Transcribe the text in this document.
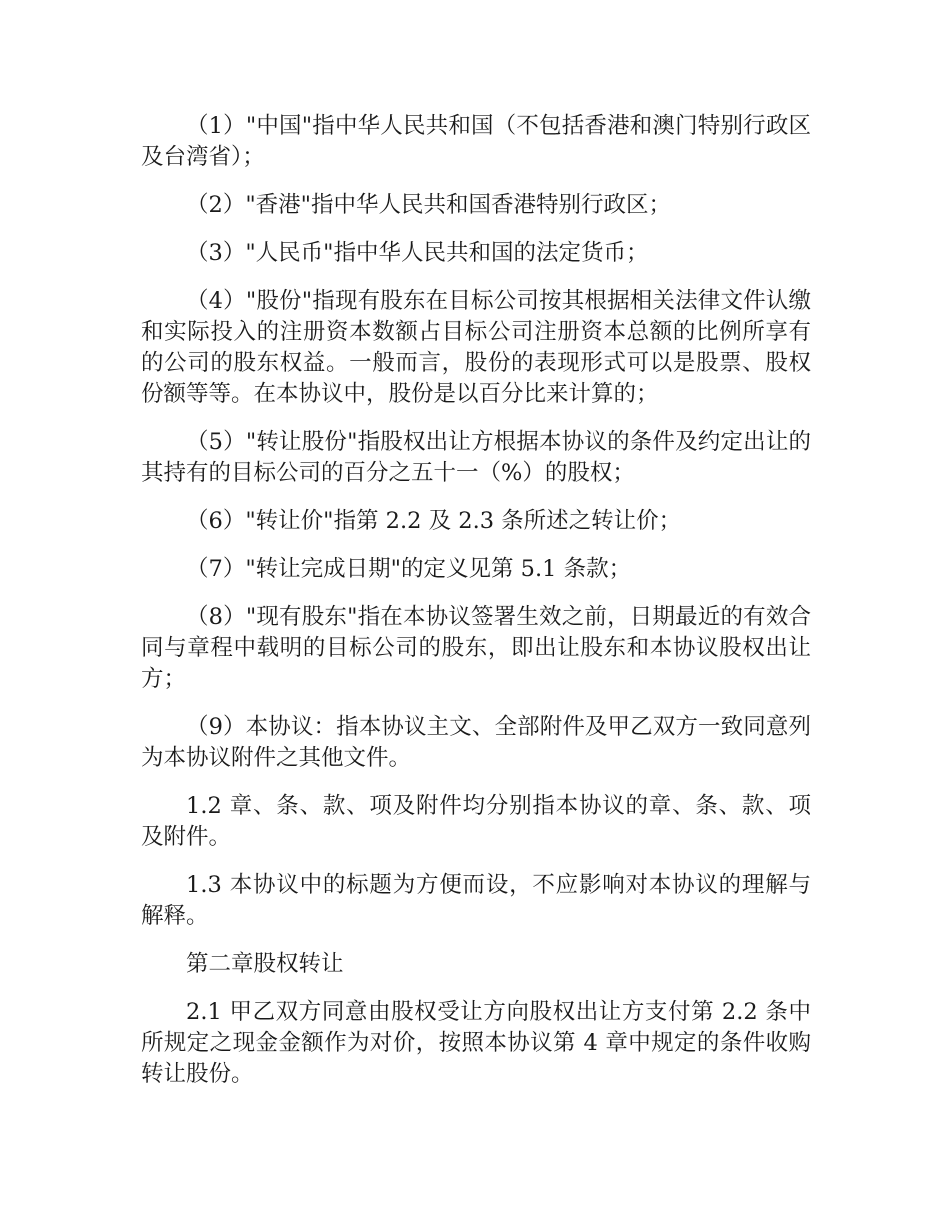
（1）"中国"指中华人民共和国（不包括香港和澳门特别行政区及台湾省）；

（2）"香港"指中华人民共和国香港特别行政区；

（3）"人民币"指中华人民共和国的法定货币；

（4）"股份"指现有股东在目标公司按其根据相关法律文件认缴和实际投入的注册资本数额占目标公司注册资本总额的比例所享有的公司的股东权益。一般而言，股份的表现形式可以是股票、股权份额等等。在本协议中，股份是以百分比来计算的；

（5）"转让股份"指股权出让方根据本协议的条件及约定出让的其持有的目标公司的百分之五十一（%）的股权；

（6）"转让价"指第 2.2 及 2.3 条所述之转让价；

（7）"转让完成日期"的定义见第 5.1 条款；

（8）"现有股东"指在本协议签署生效之前，日期最近的有效合同与章程中载明的目标公司的股东，即出让股东和本协议股权出让方；

（9）本协议：指本协议主文、全部附件及甲乙双方一致同意列为本协议附件之其他文件。

1.2 章、条、款、项及附件均分别指本协议的章、条、款、项及附件。

1.3 本协议中的标题为方便而设，不应影响对本协议的理解与解释。

第二章股权转让

2.1 甲乙双方同意由股权受让方向股权出让方支付第 2.2 条中所规定之现金金额作为对价，按照本协议第 4 章中规定的条件收购转让股份。
